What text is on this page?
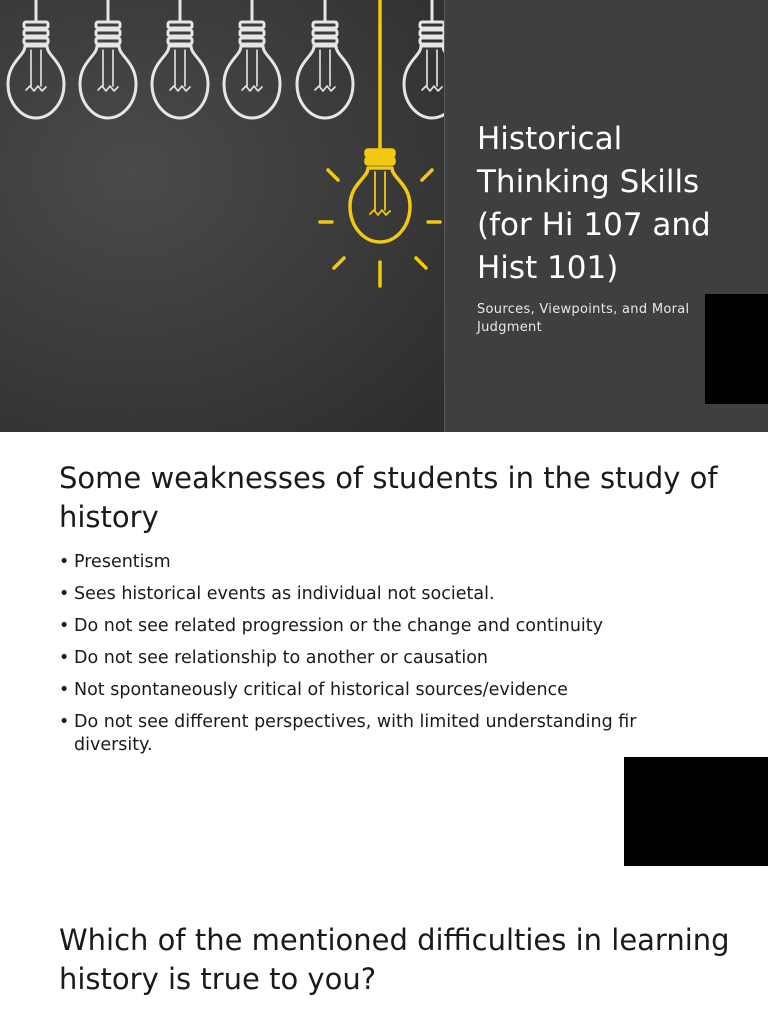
Historical Thinking Skills (for Hi 107 and Hist 101)

Sources, Viewpoints, and Moral Judgment

Some weaknesses of students in the study of history
• Presentism
• Sees historical events as individual not societal.
• Do not see related progression or the change and continuity
• Do not see relationship to another or causation
• Not spontaneously critical of historical sources/evidence
• Do not see different perspectives, with limited understanding fir diversity.
Which of the mentioned difficulties in learning history is true to you?
